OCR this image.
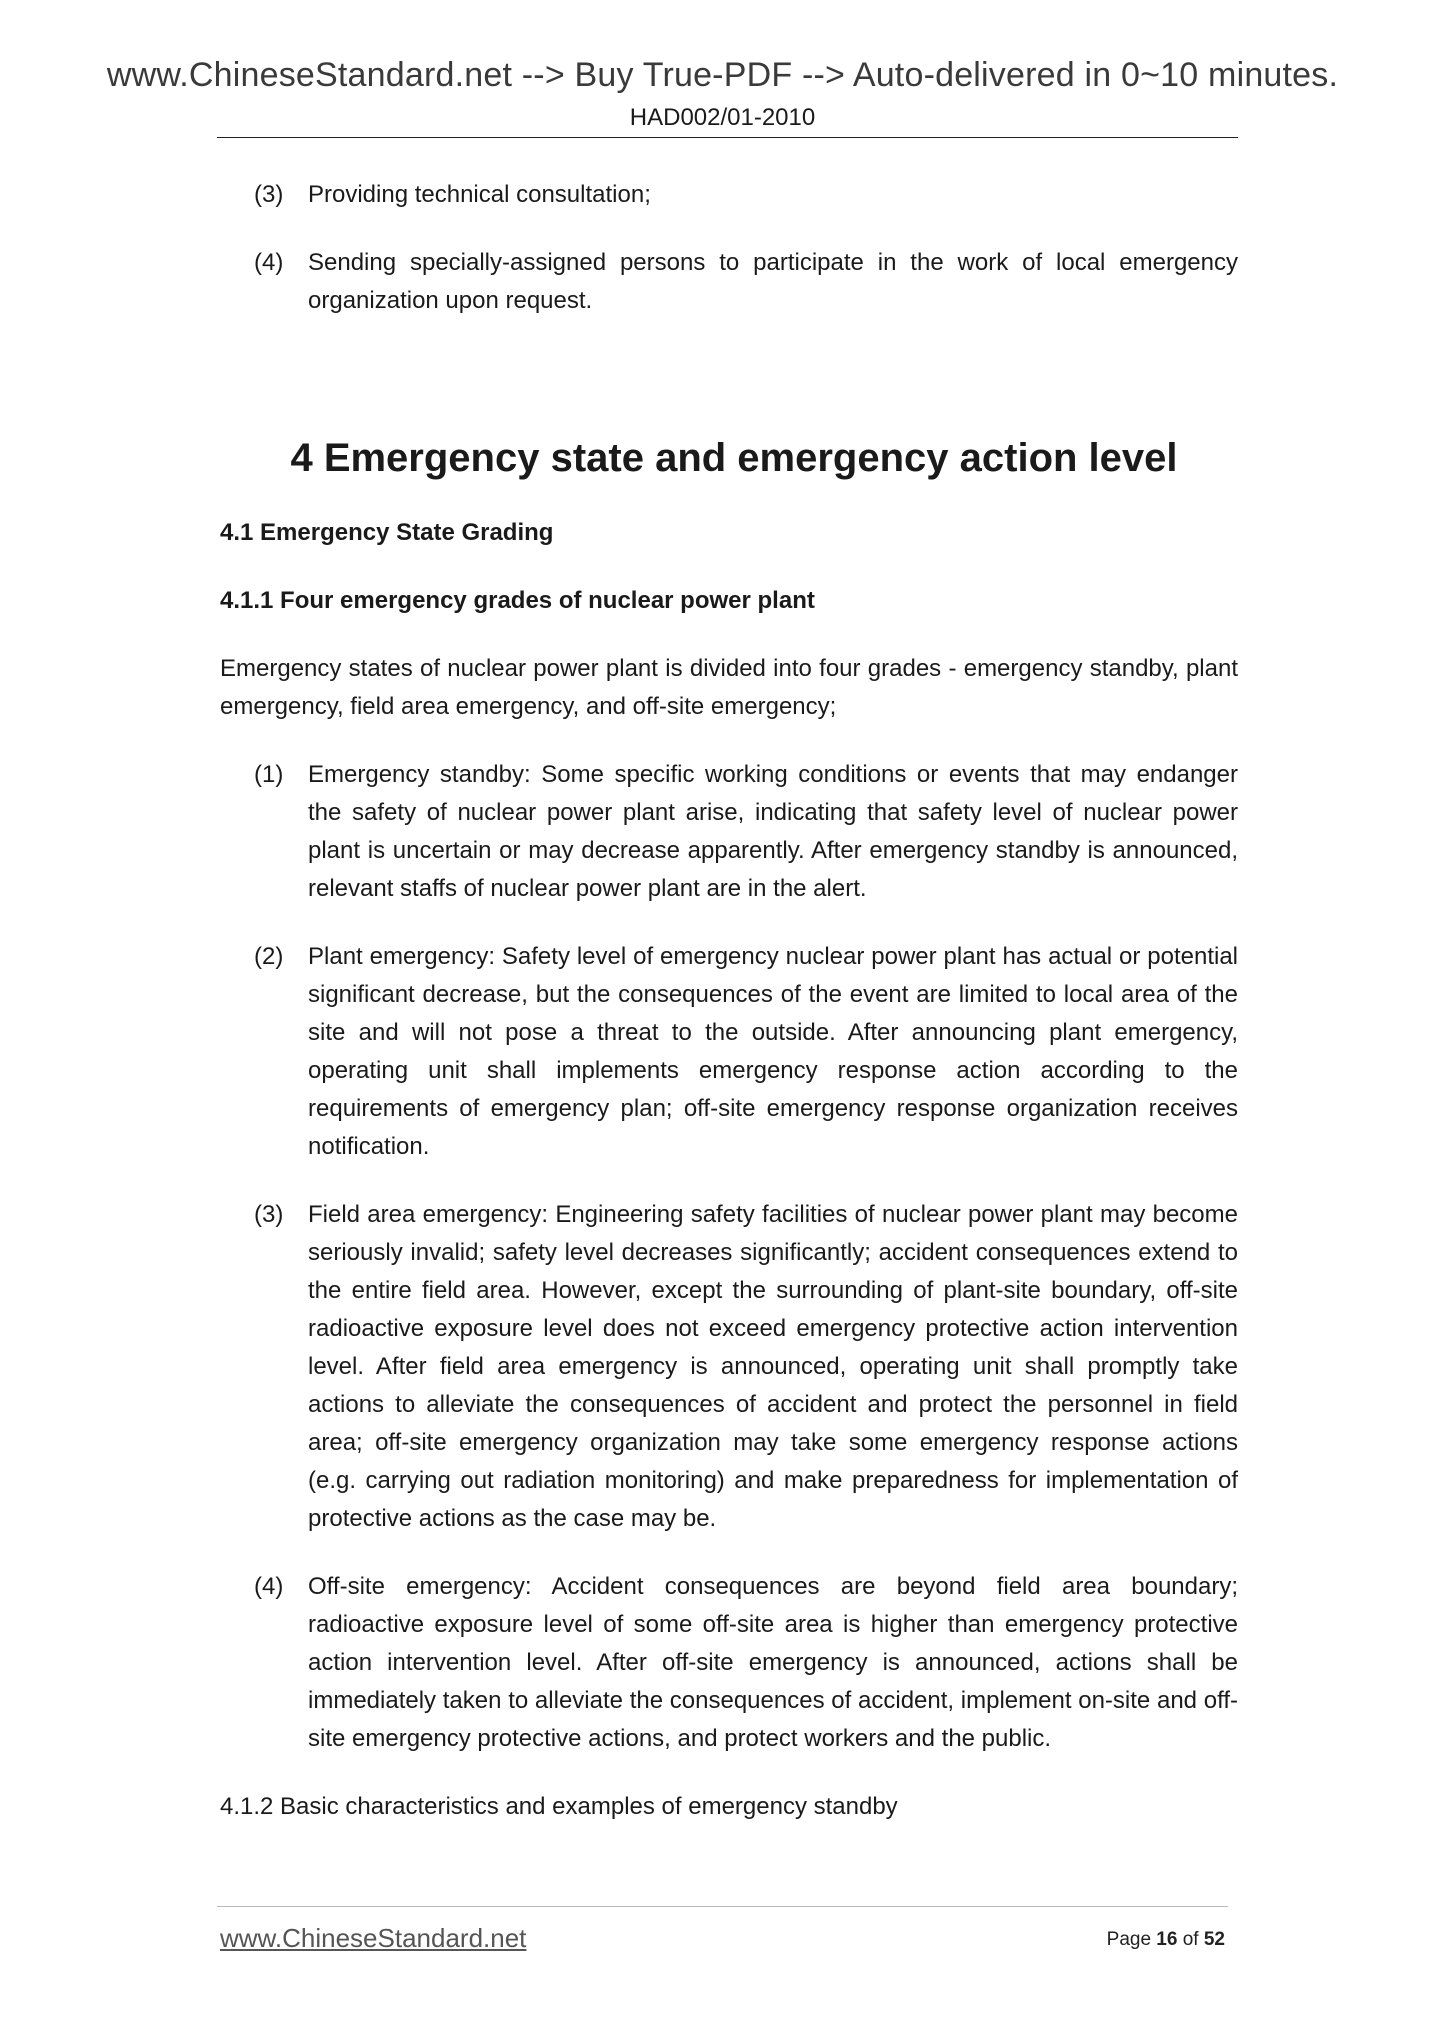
www.ChineseStandard.net --> Buy True-PDF --> Auto-delivered in 0~10 minutes.
HAD002/01-2010
(3) Providing technical consultation;
(4) Sending specially-assigned persons to participate in the work of local emergency organization upon request.
4 Emergency state and emergency action level
4.1 Emergency State Grading
4.1.1 Four emergency grades of nuclear power plant
Emergency states of nuclear power plant is divided into four grades - emergency standby, plant emergency, field area emergency, and off-site emergency;
(1) Emergency standby: Some specific working conditions or events that may endanger the safety of nuclear power plant arise, indicating that safety level of nuclear power plant is uncertain or may decrease apparently. After emergency standby is announced, relevant staffs of nuclear power plant are in the alert.
(2) Plant emergency: Safety level of emergency nuclear power plant has actual or potential significant decrease, but the consequences of the event are limited to local area of the site and will not pose a threat to the outside. After announcing plant emergency, operating unit shall implements emergency response action according to the requirements of emergency plan; off-site emergency response organization receives notification.
(3) Field area emergency: Engineering safety facilities of nuclear power plant may become seriously invalid; safety level decreases significantly; accident consequences extend to the entire field area. However, except the surrounding of plant-site boundary, off-site radioactive exposure level does not exceed emergency protective action intervention level. After field area emergency is announced, operating unit shall promptly take actions to alleviate the consequences of accident and protect the personnel in field area; off-site emergency organization may take some emergency response actions (e.g. carrying out radiation monitoring) and make preparedness for implementation of protective actions as the case may be.
(4) Off-site emergency: Accident consequences are beyond field area boundary; radioactive exposure level of some off-site area is higher than emergency protective action intervention level. After off-site emergency is announced, actions shall be immediately taken to alleviate the consequences of accident, implement on-site and off-site emergency protective actions, and protect workers and the public.
4.1.2 Basic characteristics and examples of emergency standby
www.ChineseStandard.net	Page 16 of 52
